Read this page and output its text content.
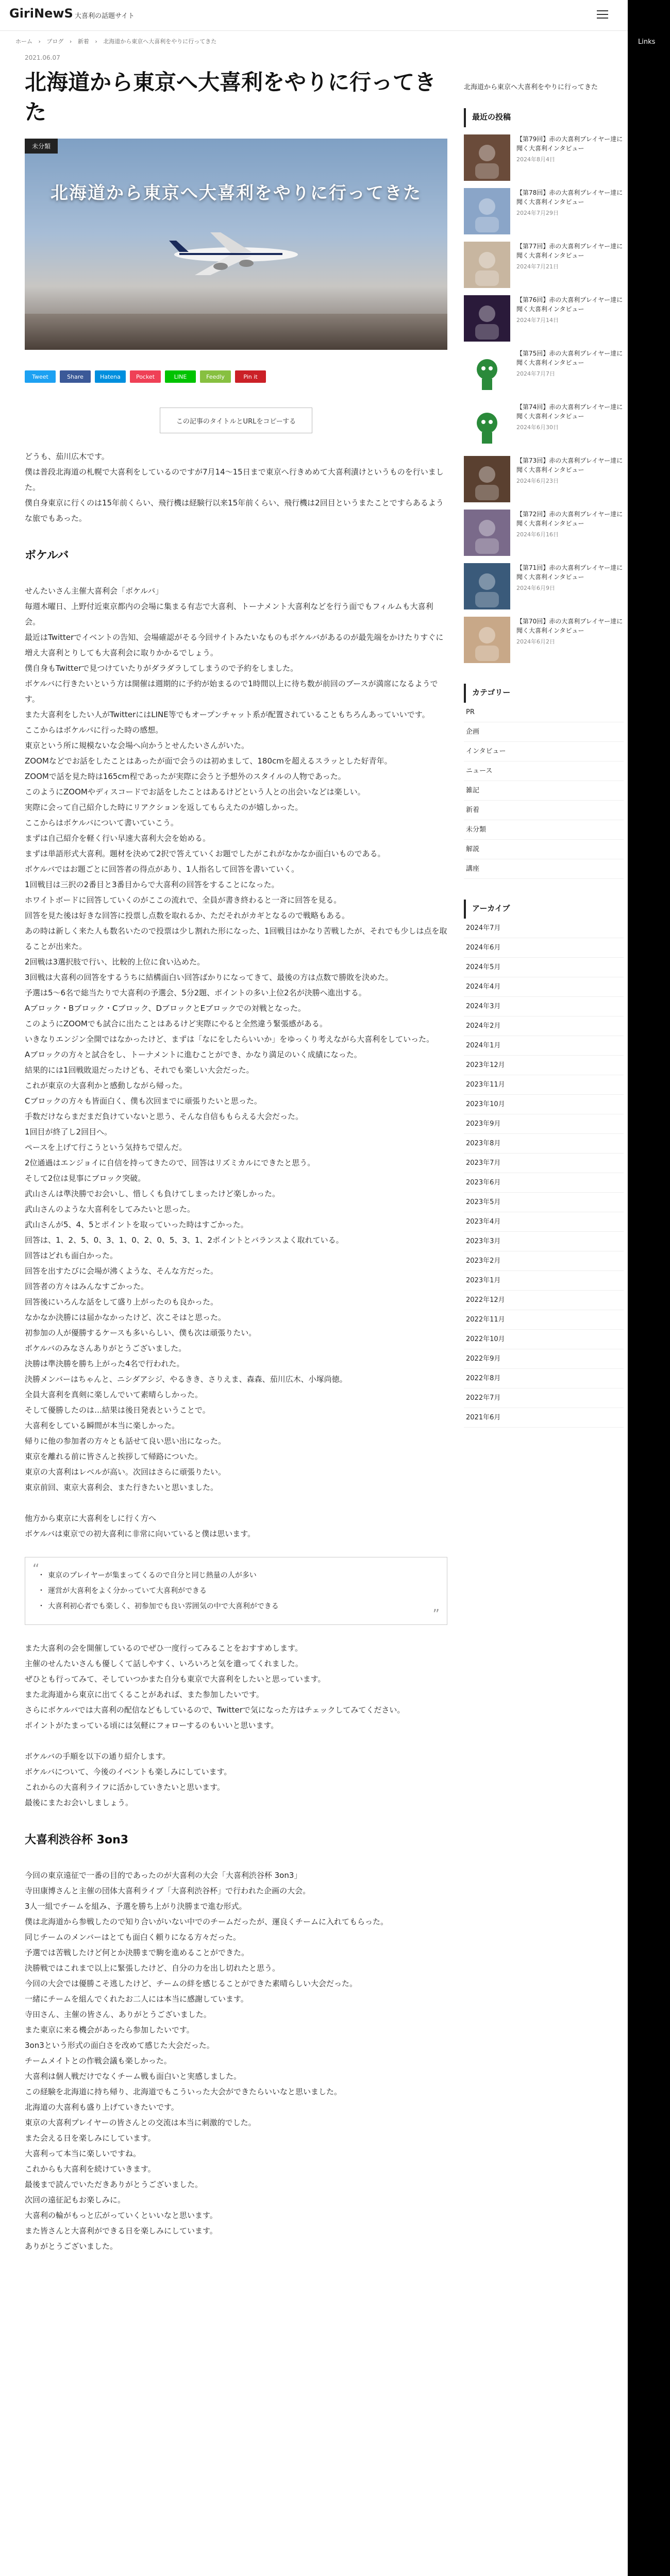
GiriNewS 大喜利の話題サイト
Links
ホーム › ブログ › 新着 › 北海道から東京へ大喜利をやりに行ってきた
2021.06.07
北海道から東京へ大喜利をやりに行ってきた
未分類
北海道から東京へ大喜利をやりに行ってきた
Tweet	Share	Hatena	Pocket	LINE	Feedly	Pin it
この記事のタイトルとURLをコピーする

どうも、茄川広木です。

僕は普段北海道の札幌で大喜利をしているのですが7月14〜15日まで東京へ行きめめて大喜利漬けというものを行いました。

僕自身東京に行くのは15年前くらい、飛行機は経験行以来15年前くらい、飛行機は2回目というまたことですらあるような旅でもあった。

ボケルバ

せんたいさん主催大喜利会「ボケルバ」

毎週木曜日、上野付近東京都内の会場に集まる有志で大喜利、トーナメント大喜利などを行う面でもフィルムも大喜利会。

最近はTwitterでイベントの告知、会場確認がそる今回サイトみたいなものもボケルバがあるのが最先端をかけたりすぐに増え大喜利とりしても大喜利会に取りかかるでしょう。

僕自身もTwitterで見つけていたりがダラダラしてしまうので予約をしました。

ボケルバに行きたいという方は開催は週期的に予約が始まるので1時間以上に待ち数が前回のブースが満席になるようです。

また大喜利をしたい人がTwitterにはLINE等でもオープンチャット系が配置されていることもちろんあっていいです。

ここからはボケルバに行った時の感想。

東京という所に規模ないな会場へ向かうとせんたいさんがいた。

ZOOMなどでお話をしたことはあったが面で会うのは初めまして、180cmを超えるスラッとした好青年。

ZOOMで話を見た時は165cm程であったが実際に会うと予想外のスタイルの人物であった。

このようにZOOMやディスコードでお話をしたことはあるけどという人との出会いなどは楽しい。

実際に会って自己紹介した時にリアクションを返してもらえたのが嬉しかった。

ここからはボケルバについて書いていこう。

まずは自己紹介を軽く行い早速大喜利大会を始める。

まずは単語形式大喜利。題材を決めて2択で答えていくお題でしたがこれがなかなか面白いものである。

ボケルバではお題ごとに回答者の得点があり、1人指名して回答を書いていく。

1回戦目は三択の2番目と3番目からで大喜利の回答をすることになった。

ホワイトボードに回答していくのがここの流れで、全員が書き終わると一斉に回答を見る。

回答を見た後は好きな回答に投票し点数を取れるか、ただそれがカギとなるので戦略もある。

あの時は新しく来た人も数名いたので投票は少し割れた形になった、1回戦目はかなり苦戦したが、それでも少しは点を取ることが出来た。

2回戦は3選択肢で行い、比較的上位に食い込めた。

3回戦は大喜利の回答をするうちに結構面白い回答ばかりになってきて、最後の方は点数で勝敗を決めた。

予選は5〜6名で総当たりで大喜利の予選会、5分2題、ポイントの多い上位2名が決勝へ進出する。

Aブロック・Bブロック・Cブロック、DブロックとEブロックでの対戦となった。

このようにZOOMでも試合に出たことはあるけど実際にやると全然違う緊張感がある。

いきなりエンジン全開ではなかったけど、まずは「なにをしたらいいか」をゆっくり考えながら大喜利をしていった。

Aブロックの方々と試合をし、トーナメントに進むことができ、かなり満足のいく成績になった。

結果的には1回戦敗退だったけども、それでも楽しい大会だった。

これが東京の大喜利かと感動しながら帰った。

Cブロックの方々も皆面白く、僕も次回までに頑張りたいと思った。

手数だけならまだまだ負けていないと思う、そんな自信ももらえる大会だった。

1回目が終了し2回目へ。

ペースを上げて行こうという気持ちで望んだ。

2位通過はエンジョイに自信を持ってきたので、回答はリズミカルにできたと思う。

そして2位は見事にブロック突破。

武山さんは準決勝でお会いし、惜しくも負けてしまったけど楽しかった。

武山さんのような大喜利をしてみたいと思った。

武山さんが5、4、5とポイントを取っていった時はすごかった。

回答は、1、2、5、0、3、1、0、2、0、5、3、1、2ポイントとバランスよく取れている。

回答はどれも面白かった。

回答を出すたびに会場が沸くような、そんな方だった。

回答者の方々はみんなすごかった。

回答後にいろんな話をして盛り上がったのも良かった。

なかなか決勝には届かなかったけど、次こそはと思った。

初参加の人が優勝するケースも多いらしい、僕も次は頑張りたい。

ボケルバのみなさんありがとうございました。

決勝は準決勝を勝ち上がった4名で行われた。

決勝メンバーはちゃんと、ニシダアシジ、やるきき、さりえま、森森、茄川広木、小塚尚徳。

全員大喜利を真剣に楽しんでいて素晴らしかった。

そして優勝したのは…結果は後日発表ということで。

大喜利をしている瞬間が本当に楽しかった。

帰りに他の参加者の方々とも話せて良い思い出になった。

東京を離れる前に皆さんと挨拶して帰路についた。

東京の大喜利はレベルが高い。次回はさらに頑張りたい。

東京前回、東京大喜利会、また行きたいと思いました。

他方から東京に大喜利をしに行く方へ

ボケルバは東京での初大喜利に非常に向いていると僕は思います。

“
・	東京のプレイヤーが集まってくるので自分と同じ熱量の人が多い
・ 運営が大喜利をよく分かっていて大喜利ができる
・ 大喜利初心者でも楽しく、初参加でも良い雰囲気の中で大喜利ができる
”

また大喜利の会を開催しているのでぜひ一度行ってみることをおすすめします。

主催のせんたいさんも優しくて話しやすく、いろいろと気を遣ってくれました。

ぜひとも行ってみて、そしていつかまた自分も東京で大喜利をしたいと思っています。

また北海道から東京に出てくることがあれば、また参加したいです。

さらにボケルバでは大喜利の配信などもしているので、Twitterで気になった方はチェックしてみてください。

ポイントがたまっている頃には気軽にフォローするのもいいと思います。

ボケルバの手順を以下の通り紹介します。

ボケルバについて、今後のイベントも楽しみにしています。

これからの大喜利ライフに活かしていきたいと思います。

最後にまたお会いしましょう。

大喜利渋谷杯 3on3

今回の東京遠征で一番の目的であったのが大喜利の大会「大喜利渋谷杯 3on3」

寺田康博さんと主催の団体大喜利ライブ「大喜利渋谷杯」で行われた企画の大会。

3人一組でチームを組み、予選を勝ち上がり決勝まで進む形式。

僕は北海道から参戦したので知り合いがいない中でのチームだったが、運良くチームに入れてもらった。

同じチームのメンバーはとても面白く頼りになる方々だった。

予選では苦戦したけど何とか決勝まで駒を進めることができた。

決勝戦ではこれまで以上に緊張したけど、自分の力を出し切れたと思う。

今回の大会では優勝こそ逃したけど、チームの絆を感じることができた素晴らしい大会だった。

一緒にチームを組んでくれたお二人には本当に感謝しています。

寺田さん、主催の皆さん、ありがとうございました。

また東京に来る機会があったら参加したいです。

3on3という形式の面白さを改めて感じた大会だった。

チームメイトとの作戦会議も楽しかった。

大喜利は個人戦だけでなくチーム戦も面白いと実感しました。

この経験を北海道に持ち帰り、北海道でもこういった大会ができたらいいなと思いました。

北海道の大喜利も盛り上げていきたいです。

東京の大喜利プレイヤーの皆さんとの交流は本当に刺激的でした。

また会える日を楽しみにしています。

大喜利って本当に楽しいですね。

これからも大喜利を続けていきます。

最後まで読んでいただきありがとうございました。

次回の遠征記もお楽しみに。

大喜利の輪がもっと広がっていくといいなと思います。

また皆さんと大喜利ができる日を楽しみにしています。

ありがとうございました。

北海道から東京へ大喜利をやりに行ってきた
最近の投稿
【第79回】赤の大喜利プレイヤー達に聞く大喜利インタビュー
2024年8月4日
【第78回】赤の大喜利プレイヤー達に聞く大喜利インタビュー
2024年7月29日
【第77回】赤の大喜利プレイヤー達に聞く大喜利インタビュー
2024年7月21日
【第76回】赤の大喜利プレイヤー達に聞く大喜利インタビュー
2024年7月14日
【第75回】赤の大喜利プレイヤー達に聞く大喜利インタビュー
2024年7月7日
【第74回】赤の大喜利プレイヤー達に聞く大喜利インタビュー
2024年6月30日
【第73回】赤の大喜利プレイヤー達に聞く大喜利インタビュー
2024年6月23日
【第72回】赤の大喜利プレイヤー達に聞く大喜利インタビュー
2024年6月16日
【第71回】赤の大喜利プレイヤー達に聞く大喜利インタビュー
2024年6月9日
【第70回】赤の大喜利プレイヤー達に聞く大喜利インタビュー
2024年6月2日
カテゴリー
PR
企画
インタビュー
ニュース
雑記
新着
未分類
解説
講座
アーカイブ
2024年7月
2024年6月
2024年5月
2024年4月
2024年3月
2024年2月
2024年1月
2023年12月
2023年11月
2023年10月
2023年9月
2023年8月
2023年7月
2023年6月
2023年5月
2023年4月
2023年3月
2023年2月
2023年1月
2022年12月
2022年11月
2022年10月
2022年9月
2022年8月
2022年7月
2021年6月
